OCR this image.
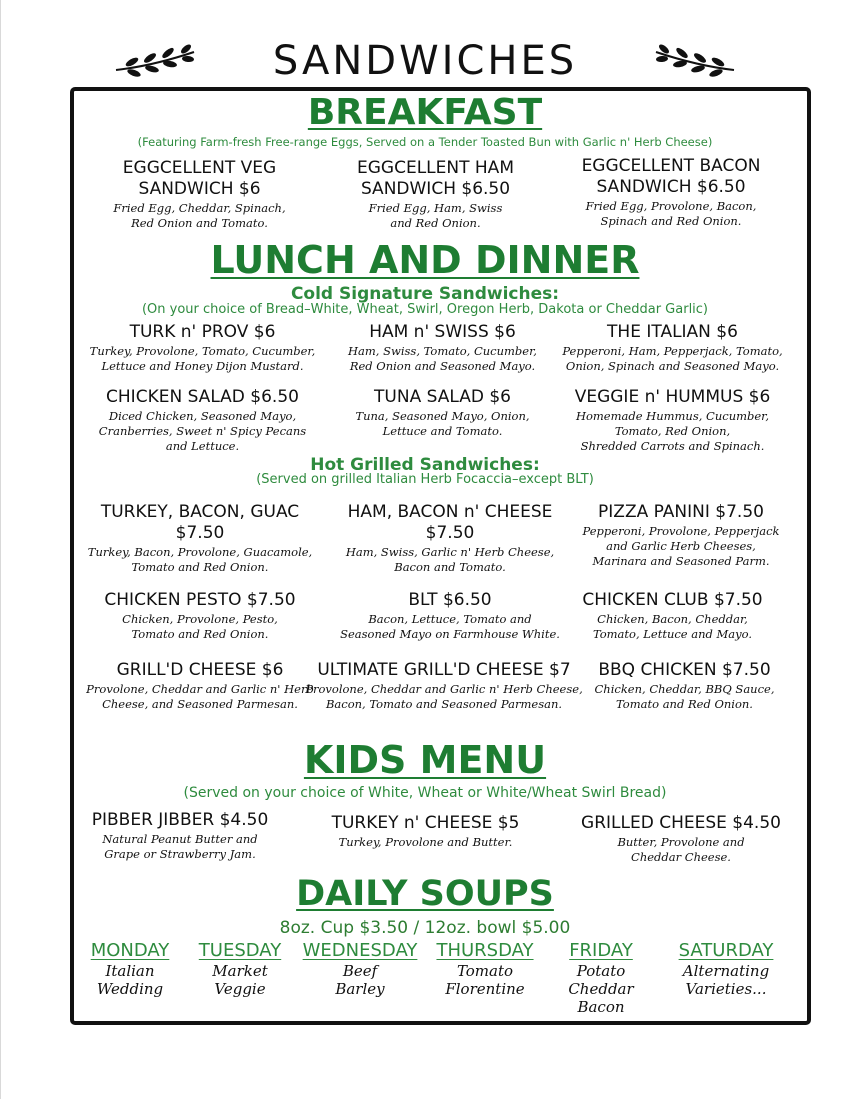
SANDWICHES
BREAKFAST
(Featuring Farm-fresh Free-range Eggs, Served on a Tender Toasted Bun with Garlic n' Herb Cheese)
EGGCELLENT VEG
SANDWICH $6
Fried Egg, Cheddar, Spinach,
Red Onion and Tomato.
EGGCELLENT HAM
SANDWICH $6.50
Fried Egg, Ham, Swiss
and Red Onion.
EGGCELLENT BACON
SANDWICH $6.50
Fried Egg, Provolone, Bacon,
Spinach and Red Onion.
LUNCH AND DINNER
Cold Signature Sandwiches:
(On your choice of Bread–White, Wheat, Swirl, Oregon Herb, Dakota or Cheddar Garlic)
TURK n' PROV $6
Turkey, Provolone, Tomato, Cucumber,
Lettuce and Honey Dijon Mustard.
HAM n' SWISS $6
Ham, Swiss, Tomato, Cucumber,
Red Onion and Seasoned Mayo.
THE ITALIAN $6
Pepperoni, Ham, Pepperjack, Tomato,
Onion, Spinach and Seasoned Mayo.
CHICKEN SALAD $6.50
Diced Chicken, Seasoned Mayo,
Cranberries, Sweet n' Spicy Pecans
and Lettuce.
TUNA SALAD $6
Tuna, Seasoned Mayo, Onion,
Lettuce and Tomato.
VEGGIE n' HUMMUS $6
Homemade Hummus, Cucumber,
Tomato, Red Onion,
Shredded Carrots and Spinach.
Hot Grilled Sandwiches:
(Served on grilled Italian Herb Focaccia–except BLT)
TURKEY, BACON, GUAC
$7.50
Turkey, Bacon, Provolone, Guacamole,
Tomato and Red Onion.
HAM, BACON n' CHEESE
$7.50
Ham, Swiss, Garlic n' Herb Cheese,
Bacon and Tomato.
PIZZA PANINI $7.50
Pepperoni, Provolone, Pepperjack
and Garlic Herb Cheeses,
Marinara and Seasoned Parm.
CHICKEN PESTO $7.50
Chicken, Provolone, Pesto,
Tomato and Red Onion.
BLT $6.50
Bacon, Lettuce, Tomato and
Seasoned Mayo on Farmhouse White.
CHICKEN CLUB $7.50
Chicken, Bacon, Cheddar,
Tomato, Lettuce and Mayo.
GRILL'D CHEESE $6
Provolone, Cheddar and Garlic n' Herb
Cheese, and Seasoned Parmesan.
ULTIMATE GRILL'D CHEESE $7
Provolone, Cheddar and Garlic n' Herb Cheese,
Bacon, Tomato and Seasoned Parmesan.
BBQ CHICKEN $7.50
Chicken, Cheddar, BBQ Sauce,
Tomato and Red Onion.
KIDS MENU
(Served on your choice of White, Wheat or White/Wheat Swirl Bread)
PIBBER JIBBER $4.50
Natural Peanut Butter and
Grape or Strawberry Jam.
TURKEY n' CHEESE $5
Turkey, Provolone and Butter.
GRILLED CHEESE $4.50
Butter, Provolone and
Cheddar Cheese.
DAILY SOUPS
8oz. Cup $3.50 / 12oz. bowl $5.00
MONDAY
Italian
Wedding
TUESDAY
Market
Veggie
WEDNESDAY
Beef
Barley
THURSDAY
Tomato
Florentine
FRIDAY
Potato
Cheddar
Bacon
SATURDAY
Alternating
Varieties...
